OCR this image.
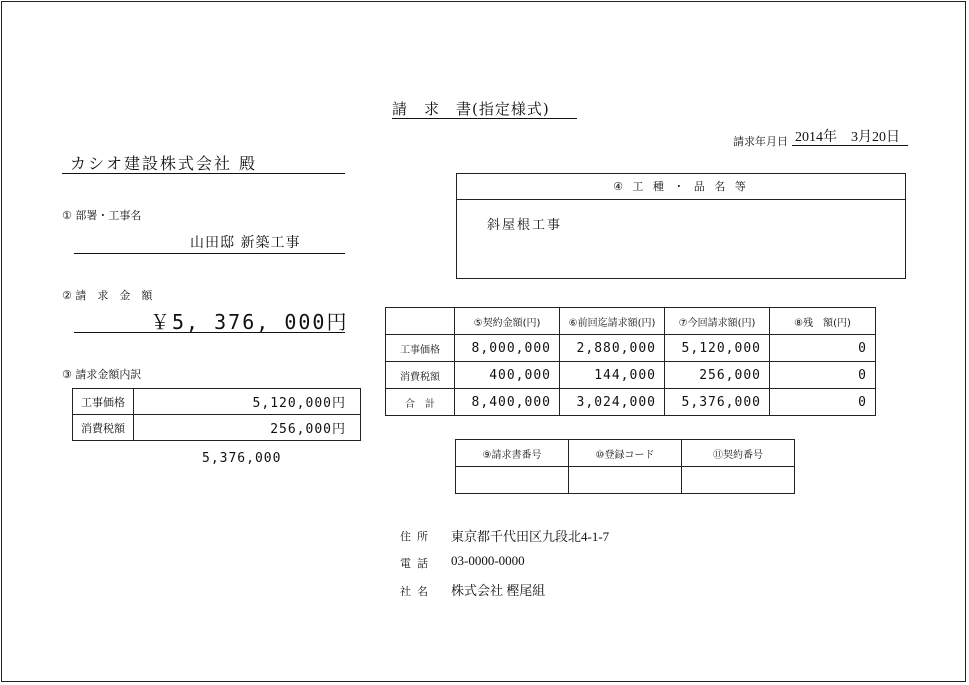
請　求　書(指定様式)
請求年月日 2014年　3月20日
カシオ建設株式会社 殿
① 部署・工事名
山田邸 新築工事
② 請　求　金　額
￥5, 376, 000円
③ 請求金額内訳
工事価格	5,120,000円
消費税額	256,000円
5,376,000
④ 工 種 ・ 品 名 等
斜屋根工事
	⑤契約金額(円)	⑥前回迄請求額(円)	⑦今回請求額(円)	⑧残　額(円)
工事価格	8,000,000	2,880,000	5,120,000	0
消費税額	400,000	144,000	256,000	0
合　計	8,400,000	3,024,000	5,376,000	0
⑨請求書番号	⑩登録コード	⑪契約番号

住所 東京都千代田区九段北4-1-7
電話 03-0000-0000
社名 株式会社 樫尾組
